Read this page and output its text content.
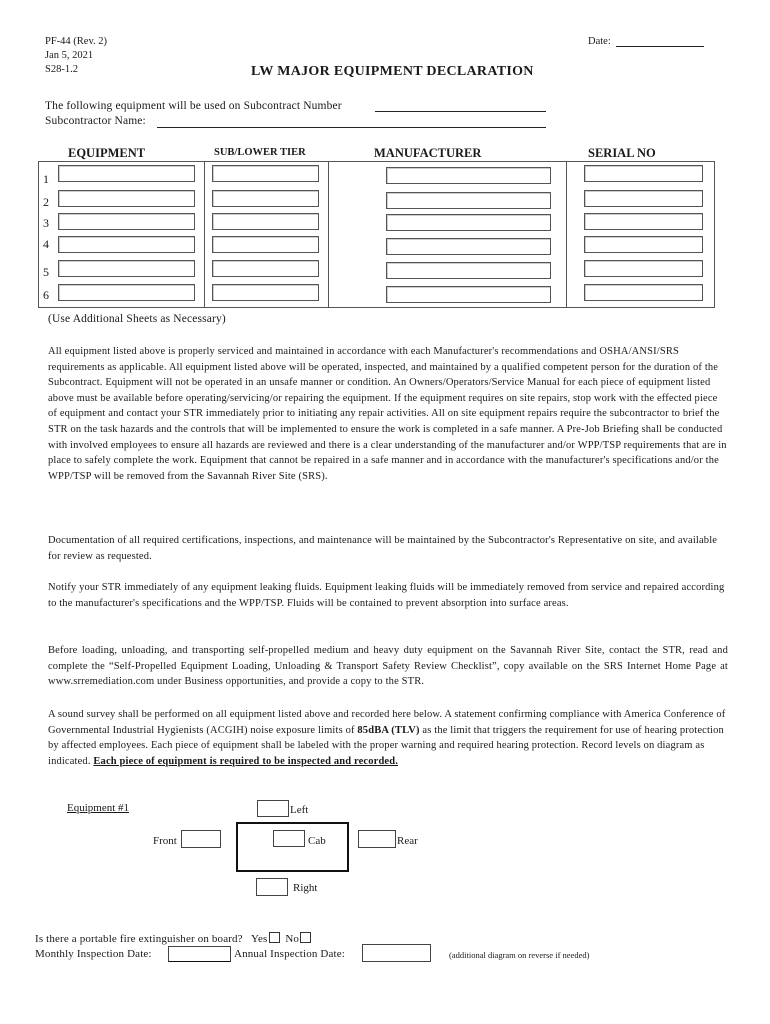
PF-44 (Rev. 2)
Jan 5, 2021
S28-1.2
Date:
LW MAJOR EQUIPMENT DECLARATION
The following equipment will be used on Subcontract Number
Subcontractor Name:
EQUIPMENT	SUB/LOWER TIER	MANUFACTURER	SERIAL NO
1
2
3
4
5
6
(Use Additional Sheets as Necessary)
All equipment listed above is properly serviced and maintained in accordance with each Manufacturer's recommendations and OSHA/ANSI/SRS requirements as applicable. All equipment listed above will be operated, inspected, and maintained by a qualified competent person for the duration of the Subcontract. Equipment will not be operated in an unsafe manner or condition. An Owners/Operators/Service Manual for each piece of equipment listed above must be available before operating/servicing/or repairing the equipment. If the equipment requires on site repairs, stop work with the effected piece of equipment and contact your STR immediately prior to initiating any repair activities. All on site equipment repairs require the subcontractor to brief the STR on the task hazards and the controls that will be implemented to ensure the work is completed in a safe manner. A Pre-Job Briefing shall be conducted with involved employees to ensure all hazards are reviewed and there is a clear understanding of the manufacturer and/or WPP/TSP requirements that are in place to safely complete the work. Equipment that cannot be repaired in a safe manner and in accordance with the manufacturer's specifications and/or the WPP/TSP will be removed from the Savannah River Site (SRS).
Documentation of all required certifications, inspections, and maintenance will be maintained by the Subcontractor's Representative on site, and available for review as requested.
Notify your STR immediately of any equipment leaking fluids. Equipment leaking fluids will be immediately removed from service and repaired according to the manufacturer's specifications and the WPP/TSP. Fluids will be contained to prevent absorption into surface areas.
Before loading, unloading, and transporting self-propelled medium and heavy duty equipment on the Savannah River Site, contact the STR, read and complete the “Self-Propelled Equipment Loading, Unloading & Transport Safety Review Checklist”, copy available on the SRS Internet Home Page at www.srremediation.com under Business opportunities, and provide a copy to the STR.
A sound survey shall be performed on all equipment listed above and recorded here below. A statement confirming compliance with America Conference of Governmental Industrial Hygienists (ACGIH) noise exposure limits of 85dBA (TLV) as the limit that triggers the requirement for use of hearing protection by affected employees. Each piece of equipment shall be labeled with the proper warning and required hearing protection. Record levels on diagram as indicated. Each piece of equipment is required to be inspected and recorded.
Equipment #1	Left
Front	Cab	Rear
Right
Is there a portable fire extinguisher on board? Yes No
Monthly Inspection Date:	Annual Inspection Date:	(additional diagram on reverse if needed)
